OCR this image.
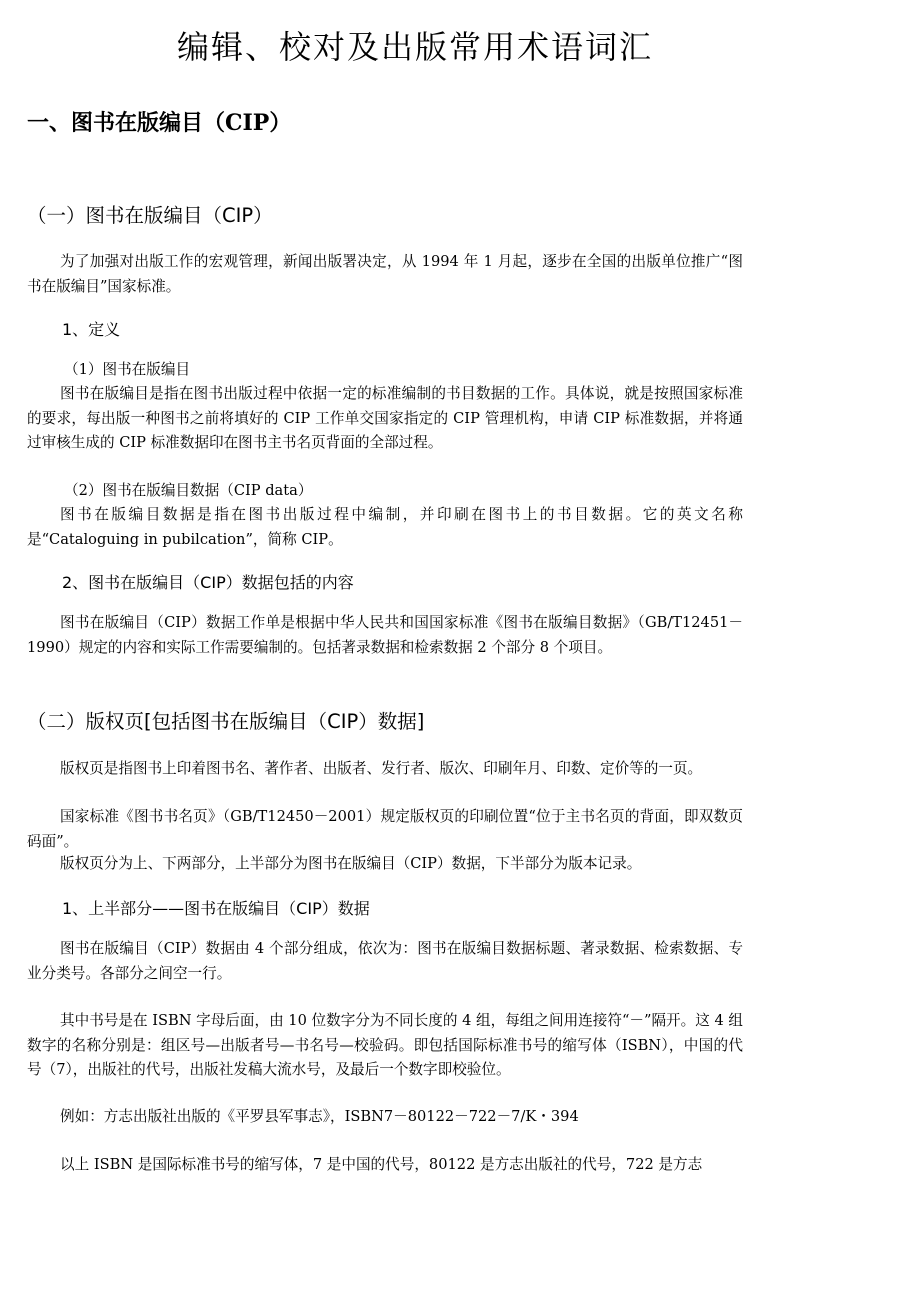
编辑、校对及出版常用术语词汇
一、图书在版编目（CIP）
（一）图书在版编目（CIP）

为了加强对出版工作的宏观管理，新闻出版署决定，从 1994 年 1 月起，逐步在全国的出版单位推广“图书在版编目”国家标准。

1、定义

（1）图书在版编目

图书在版编目是指在图书出版过程中依据一定的标准编制的书目数据的工作。具体说，就是按照国家标准的要求，每出版一种图书之前将填好的 CIP 工作单交国家指定的 CIP 管理机构，申请 CIP 标准数据，并将通过审核生成的 CIP 标准数据印在图书主书名页背面的全部过程。

（2）图书在版编目数据（CIP data）

图书在版编目数据是指在图书出版过程中编制，并印刷在图书上的书目数据。它的英文名称是“Cataloguing in pubilcation”，简称 CIP。

2、图书在版编目（CIP）数据包括的内容

图书在版编目（CIP）数据工作单是根据中华人民共和国国家标准《图书在版编目数据》（GB/T12451－1990）规定的内容和实际工作需要编制的。包括著录数据和检索数据 2 个部分 8 个项目。

（二）版权页[包括图书在版编目（CIP）数据]

版权页是指图书上印着图书名、著作者、出版者、发行者、版次、印刷年月、印数、定价等的一页。

国家标准《图书书名页》（GB/T12450－2001）规定版权页的印刷位置“位于主书名页的背面，即双数页码面”。

版权页分为上、下两部分，上半部分为图书在版编目（CIP）数据，下半部分为版本记录。

1、上半部分——图书在版编目（CIP）数据

图书在版编目（CIP）数据由 4 个部分组成，依次为：图书在版编目数据标题、著录数据、检索数据、专业分类号。各部分之间空一行。

其中书号是在 ISBN 字母后面，由 10 位数字分为不同长度的 4 组，每组之间用连接符“－”隔开。这 4 组数字的名称分别是：组区号—出版者号—书名号—校验码。即包括国际标准书号的缩写体（ISBN），中国的代号（7），出版社的代号，出版社发稿大流水号，及最后一个数字即校验位。

例如：方志出版社出版的《平罗县军事志》，ISBN7－80122－722－7/K・394

以上 ISBN 是国际标准书号的缩写体，7 是中国的代号，80122 是方志出版社的代号，722 是方志
